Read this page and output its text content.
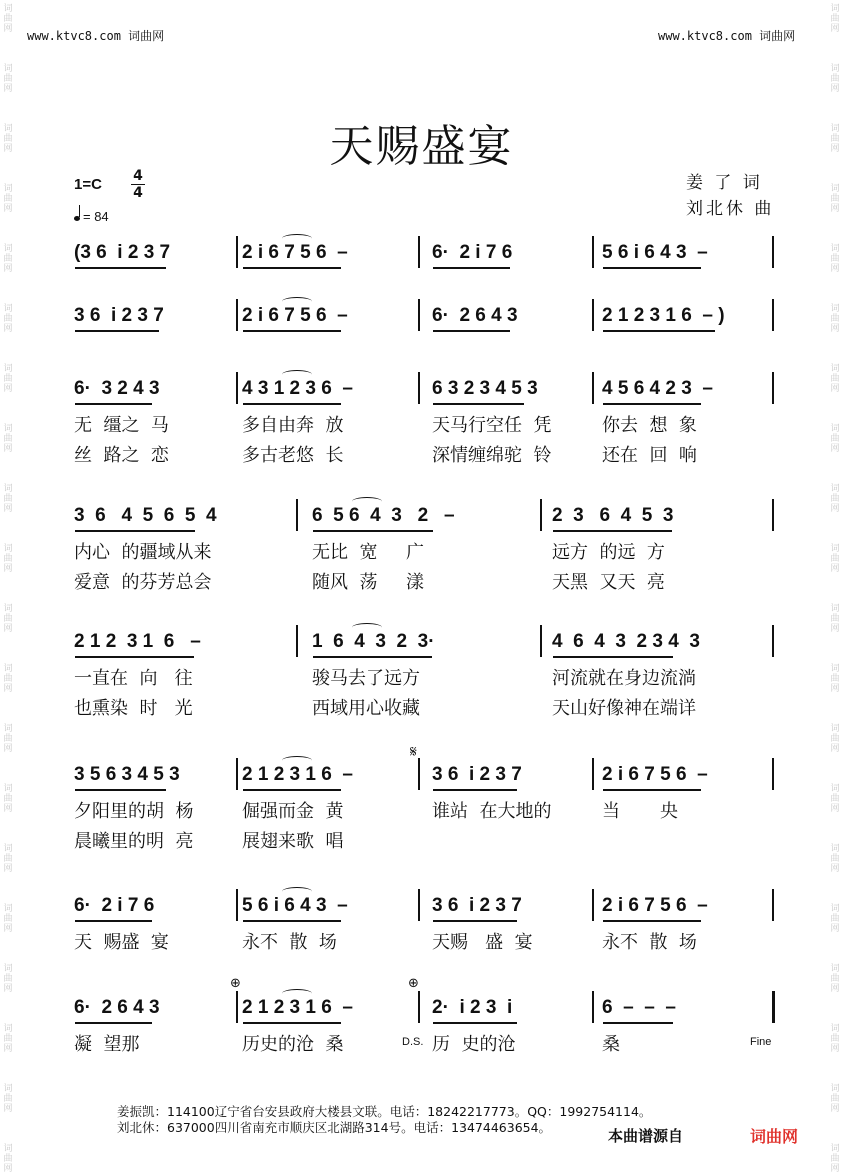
www.ktvc8.com 词曲网	www.ktvc8.com 词曲网
词
曲
网
词
曲
网
词
曲
网
词
曲
网
词
曲
网
词
曲
网
词
曲
网
词
曲
网
词
曲
网
词
曲
网
词
曲
网
词
曲
网
词
曲
网
词
曲
网
词
曲
网
词
曲
网
词
曲
网
词
曲
网
词
曲
网
词
曲
网
词
曲
网
词
曲
网
词
曲
网
词
曲
网
词
曲
网
词
曲
网
词
曲
网
词
曲
网
词
曲
网
词
曲
网
词
曲
网
词
曲
网
词
曲
网
词
曲
网
词
曲
网
词
曲
网
词
曲
网
词
曲
网
词
曲
网
词
曲
网
天赐盛宴
1=C 4
4
= 84
姜 了 词
刘北休 曲
(3 6  i 2 3 7	2 i 6 7 5 6  –	6·  2 i 7 6	5 6 i 6 4 3  –
3 6  i 2 3 7	2 i 6 7 5 6  –	6·  2 6 4 3	2 1 2 3 1 6  – )
6·  3 2 4 3	4 3 1 2 3 6  –	6 3 2 3 4 5 3	4 5 6 4 2 3  –
无  缰之  马	多自由奔  放	天马行空任  凭	你去  想  象
丝  路之  恋	多古老悠  长	深情缠绵驼  铃	还在  回  响
3  6   4  5  6  5  4	6  5 6  4  3   2   –	2  3   6  4  5  3
内心  的疆域从来	无比  宽     广	远方  的远  方
爱意  的芬芳总会	随风  荡     漾	天黑  又天  亮
2 1 2  3 1  6   –	1  6  4  3  2  3·	4  6  4  3  2 3 4  3
一直在  向   往	骏马去了远方	河流就在身边流淌
也熏染  时   光	西域用心收藏	天山好像神在端详
3 5 6 3 4 5 3	2 1 2 3 1 6  –	3 6  i 2 3 7	2 i 6 7 5 6  –
夕阳里的胡  杨	倔强而金  黄	谁站  在大地的	当       央
晨曦里的明  亮	展翅来歌  唱
6·  2 i 7 6	5 6 i 6 4 3  –	3 6  i 2 3 7	2 i 6 7 5 6  –
天  赐盛  宴	永不  散  场	天赐   盛  宴	永不  散  场
6·  2 6 4 3	2 1 2 3 1 6  –	2·  i 2 3  i	6  –  –  –
凝  望那	历史的沧  桑	历  史的沧	桑
𝄋
⊕	⊕
D.S.	Fine
姜振凯：114100辽宁省台安县政府大楼县文联。电话：18242217773。QQ：1992754114。
刘北休：637000四川省南充市顺庆区北湖路314号。电话：13474463654。	本曲谱源自	词曲网
